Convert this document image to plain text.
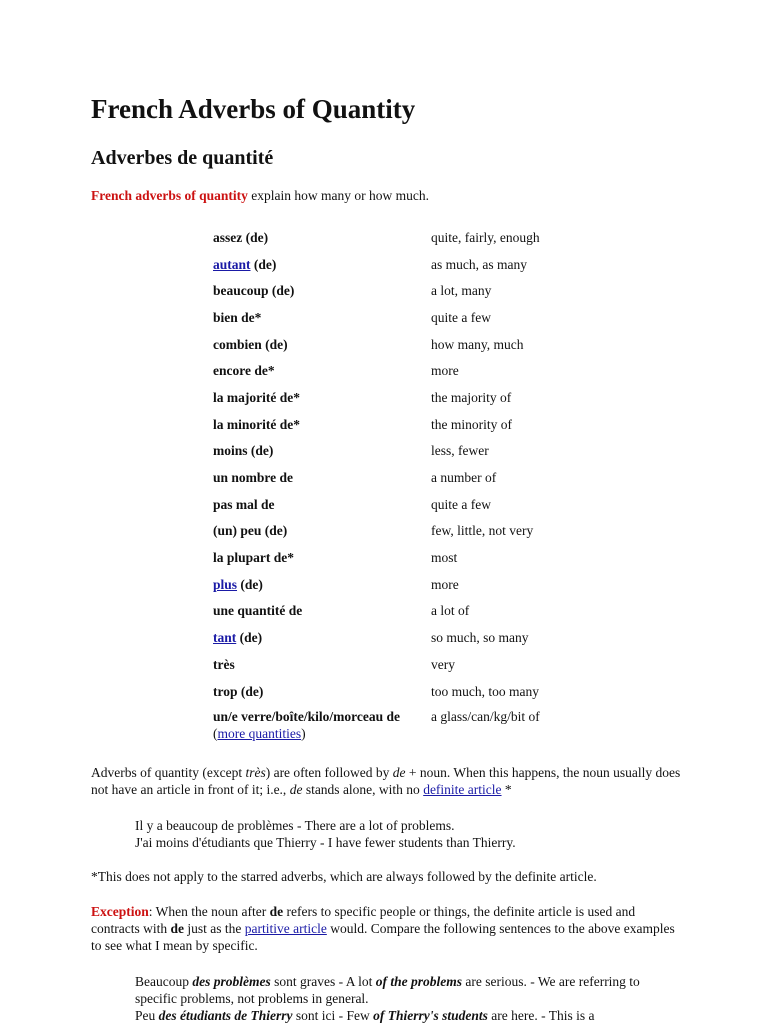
French Adverbs of Quantity
Adverbes de quantité
French adverbs of quantity explain how many or how much.
assez (de)	quite, fairly, enough
autant (de)	as much, as many
beaucoup (de)	a lot, many
bien de*	quite a few
combien (de)	how many, much
encore de*	more
la majorité de*	the majority of
la minorité de*	the minority of
moins (de)	less, fewer
un nombre de	a number of
pas mal de	quite a few
(un) peu (de)	few, little, not very
la plupart de*	most
plus (de)	more
une quantité de	a lot of
tant (de)	so much, so many
très	very
trop (de)	too much, too many
un/e verre/boîte/kilo/morceau de
(more quantities)	a glass/can/kg/bit of
Adverbs of quantity (except très) are often followed by de + noun. When this happens, the noun usually does not have an article in front of it; i.e., de stands alone, with no definite article *
Il y a beaucoup de problèmes - There are a lot of problems.
J'ai moins d'étudiants que Thierry - I have fewer students than Thierry.
*This does not apply to the starred adverbs, which are always followed by the definite article.
Exception: When the noun after de refers to specific people or things, the definite article is used and contracts with de just as the partitive article would. Compare the following sentences to the above examples to see what I mean by specific.
Beaucoup des problèmes sont graves - A lot of the problems are serious. - We are referring to specific problems, not problems in general.
Peu des étudiants de Thierry sont ici - Few of Thierry's students are here. - This is a
